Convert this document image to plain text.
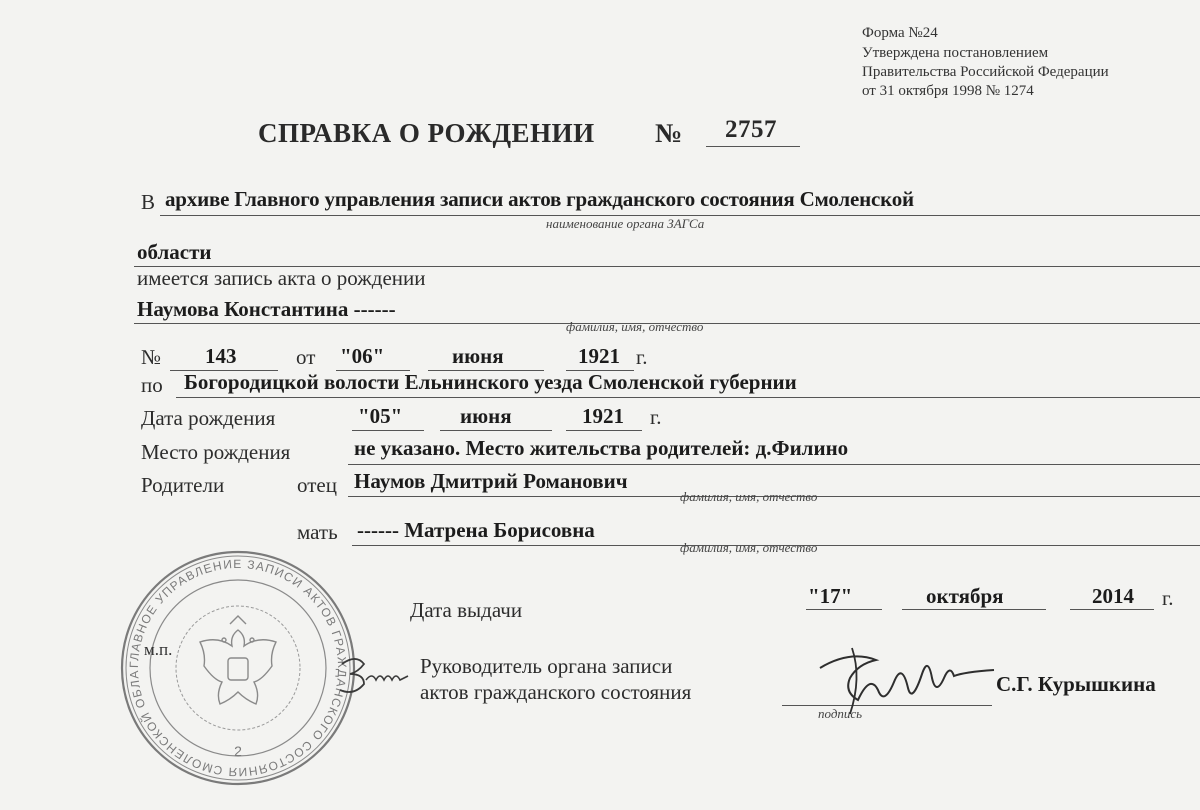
Форма №24
Утверждена постановлением
Правительства Российской Федерации
от 31 октября 1998 № 1274
СПРАВКА О РОЖДЕНИИ № 2757
В архиве Главного управления записи актов гражданского состояния Смоленской
наименование органа ЗАГСа
области
имеется запись акта о рождении
Наумова Константина ------
фамилия, имя, отчество
№ 143	от "06"	июня	1921 г.
по Богородицкой волости Ельнинского уезда Смоленской губернии
Дата рождения	"05"	июня	1921 г.
Место рождения	не указано. Место жительства родителей: д.Филино
Родители	отец Наумов Дмитрий Романович
фамилия, имя, отчество
мать ------ Матрена Борисовна
фамилия, имя, отчество
ГЛАВНОЕ УПРАВЛЕНИЕ ЗАПИСИ АКТОВ ГРАЖДАНСКОГО СОСТОЯНИЯ СМОЛЕНСКОЙ ОБЛАСТИ • ОГРН 1066731109290 • АДМИНИСТРАЦИЯ СМОЛЕНСКОЙ ОБЛАСТИ
2
м.п.
Дата выдачи
"17"	октября	2014 г.
Руководитель органа записи
актов гражданского состояния
подпись
С.Г. Курышкина
